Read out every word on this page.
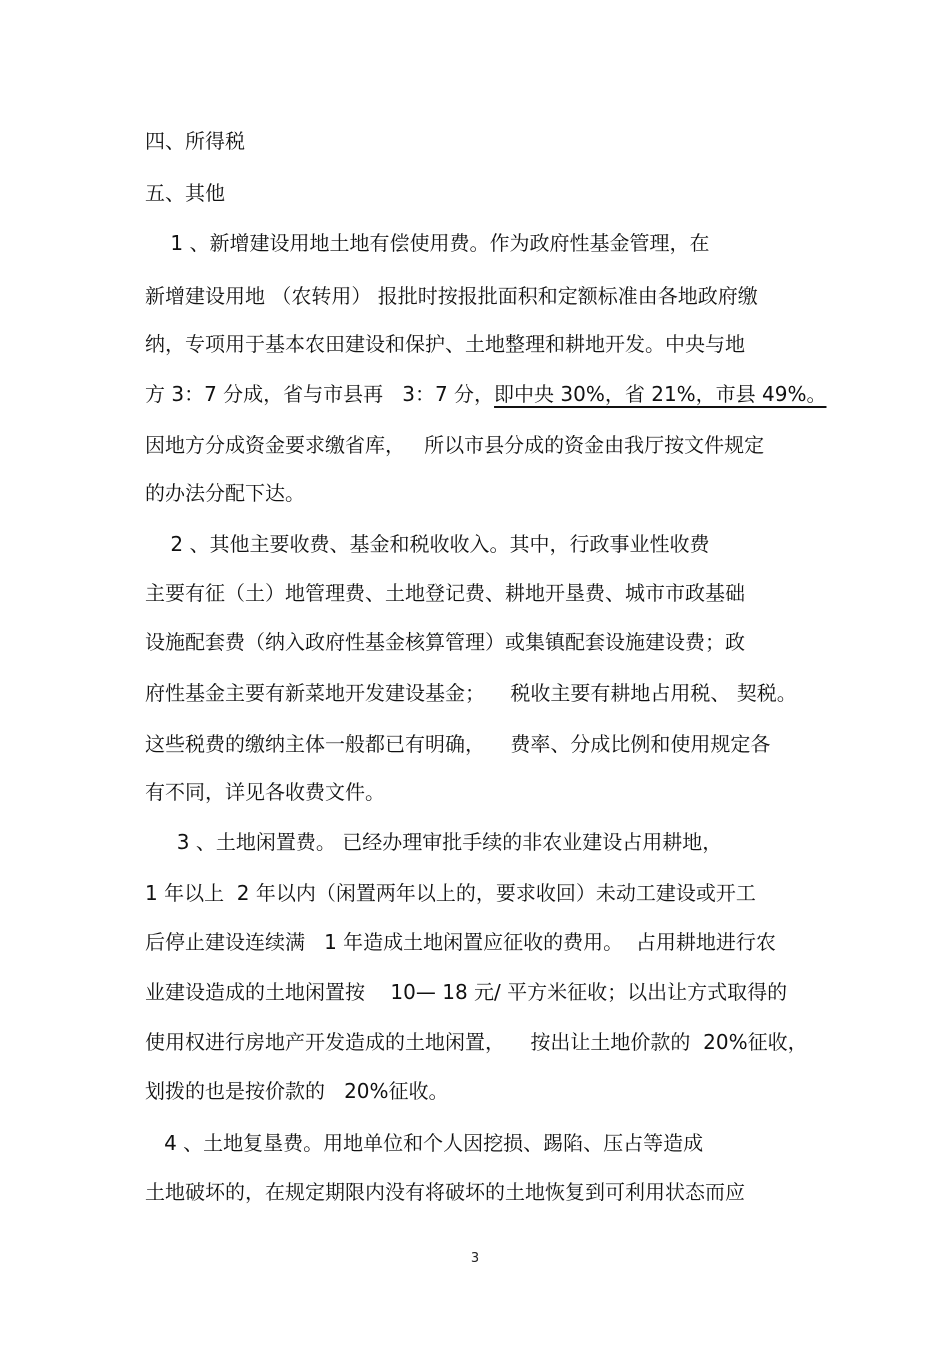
四、所得税
五、其他
1 、新增建设用地土地有偿使用费。作为政府性基金管理，在
新增建设用地 （农转用） 报批时按报批面积和定额标准由各地政府缴
纳，专项用于基本农田建设和保护、土地整理和耕地开发。中央与地
方 3：7 分成，省与市县再   3：7 分，即中央 30%，省 21%，市县 49%。
因地方分成资金要求缴省库，   所以市县分成的资金由我厅按文件规定
的办法分配下达。
2 、其他主要收费、基金和税收收入。其中，行政事业性收费
主要有征（土）地管理费、土地登记费、耕地开垦费、城市市政基础
设施配套费（纳入政府性基金核算管理）或集镇配套设施建设费；政
府性基金主要有新菜地开发建设基金；    税收主要有耕地占用税、 契税。
这些税费的缴纳主体一般都已有明确，    费率、分成比例和使用规定各
有不同，详见各收费文件。
3 、土地闲置费。 已经办理审批手续的非农业建设占用耕地，
1 年以上  2 年以内（闲置两年以上的，要求收回）未动工建设或开工
后停止建设连续满   1 年造成土地闲置应征收的费用。  占用耕地进行农
业建设造成的土地闲置按    10— 18 元/ 平方米征收；以出让方式取得的
使用权进行房地产开发造成的土地闲置，    按出让土地价款的  20%征收，
划拨的也是按价款的   20%征收。
4 、土地复垦费。用地单位和个人因挖损、踢陷、压占等造成
土地破坏的，在规定期限内没有将破坏的土地恢复到可利用状态而应
3
